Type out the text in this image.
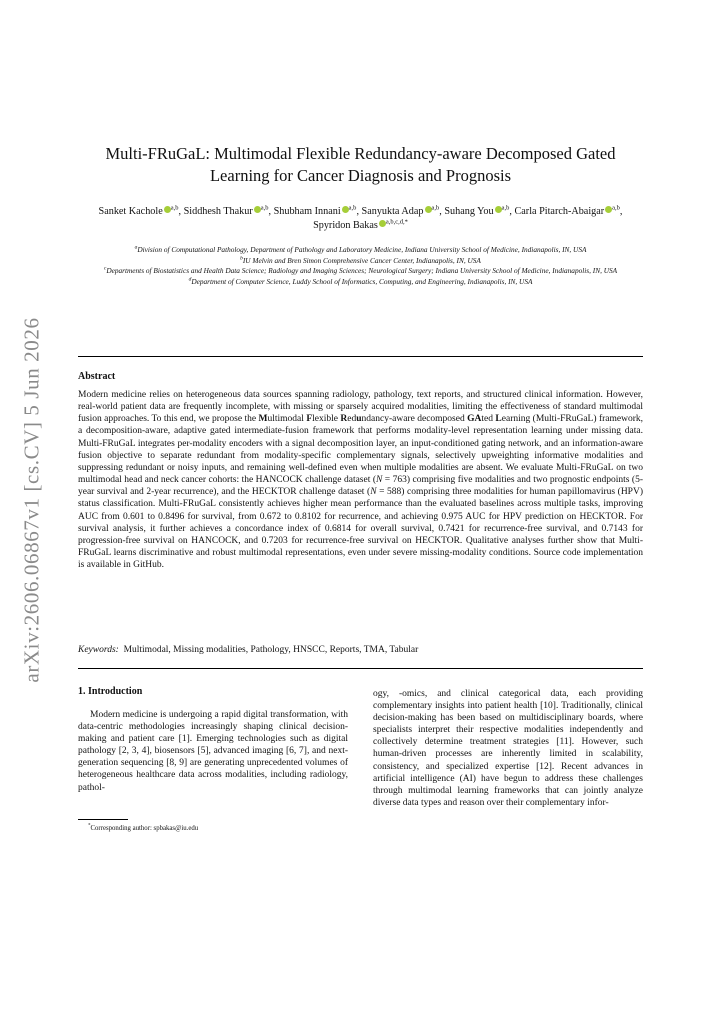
arXiv:2606.06867v1 [cs.CV] 5 Jun 2026
Multi-FRuGaL: Multimodal Flexible Redundancy-aware Decomposed Gated Learning for Cancer Diagnosis and Prognosis
Sanket Kachole $^{a,b}$, Siddhesh Thakur $^{a,b}$, Shubham Innani $^{a,b}$, Sanyukta Adap $^{a,b}$, Suhang You $^{a,b}$, Carla Pitarch-Abaigar $^{a,b}$, Spyridon Bakas $^{a,b,c,d,*}$
$^a$Division of Computational Pathology, Department of Pathology and Laboratory Medicine, Indiana University School of Medicine, Indianapolis, IN, USA
$^b$IU Melvin and Bren Simon Comprehensive Cancer Center, Indianapolis, IN, USA
$^c$Departments of Biostatistics and Health Data Science; Radiology and Imaging Sciences; Neurological Surgery; Indiana University School of Medicine, Indianapolis, IN, USA
$^d$Department of Computer Science, Luddy School of Informatics, Computing, and Engineering, Indianapolis, IN, USA
Abstract
Modern medicine relies on heterogeneous data sources spanning radiology, pathology, text reports, and structured clinical information. However, real-world patient data are frequently incomplete, with missing or sparsely acquired modalities, limiting the effectiveness of standard multimodal fusion approaches. To this end, we propose the Multimodal Flexible Redundancy-aware decomposed GAted Learning (Multi-FRuGaL) framework, a decomposition-aware, adaptive gated intermediate-fusion framework that performs modality-level representation learning under missing data. Multi-FRuGaL integrates per-modality encoders with a signal decomposition layer, an input-conditioned gating network, and an information-aware fusion objective to separate redundant from modality-specific complementary signals, selectively upweighting informative modalities and suppressing redundant or noisy inputs, and remaining well-defined even when multiple modalities are absent. We evaluate Multi-FRuGaL on two multimodal head and neck cancer cohorts: the HANCOCK challenge dataset (N = 763) comprising five modalities and two prognostic endpoints (5-year survival and 2-year recurrence), and the HECKTOR challenge dataset (N = 588) comprising three modalities for human papillomavirus (HPV) status classification. Multi-FRuGaL consistently achieves higher mean performance than the evaluated baselines across multiple tasks, improving AUC from 0.601 to 0.8496 for survival, from 0.672 to 0.8102 for recurrence, and achieving 0.975 AUC for HPV prediction on HECKTOR. For survival analysis, it further achieves a concordance index of 0.6814 for overall survival, 0.7421 for recurrence-free survival, and 0.7143 for progression-free survival on HANCOCK, and 0.7203 for recurrence-free survival on HECKTOR. Qualitative analyses further show that Multi-FRuGaL learns discriminative and robust multimodal representations, even under severe missing-modality conditions. Source code implementation is available in GitHub.
Keywords: Multimodal, Missing modalities, Pathology, HNSCC, Reports, TMA, Tabular
1. Introduction
Modern medicine is undergoing a rapid digital transformation, with data-centric methodologies increasingly shaping clinical decision-making and patient care [1]. Emerging technologies such as digital pathology [2, 3, 4], biosensors [5], advanced imaging [6, 7], and next-generation sequencing [8, 9] are generating unprecedented volumes of heterogeneous healthcare data across modalities, including radiology, pathol-
ogy, -omics, and clinical categorical data, each providing complementary insights into patient health [10]. Traditionally, clinical decision-making has been based on multidisciplinary boards, where specialists interpret their respective modalities independently and collectively determine treatment strategies [11]. However, such human-driven processes are inherently limited in scalability, consistency, and specialized expertise [12]. Recent advances in artificial intelligence (AI) have begun to address these challenges through multimodal learning frameworks that can jointly analyze diverse data types and reason over their complementary infor-
*Corresponding author: spbakas@iu.edu
